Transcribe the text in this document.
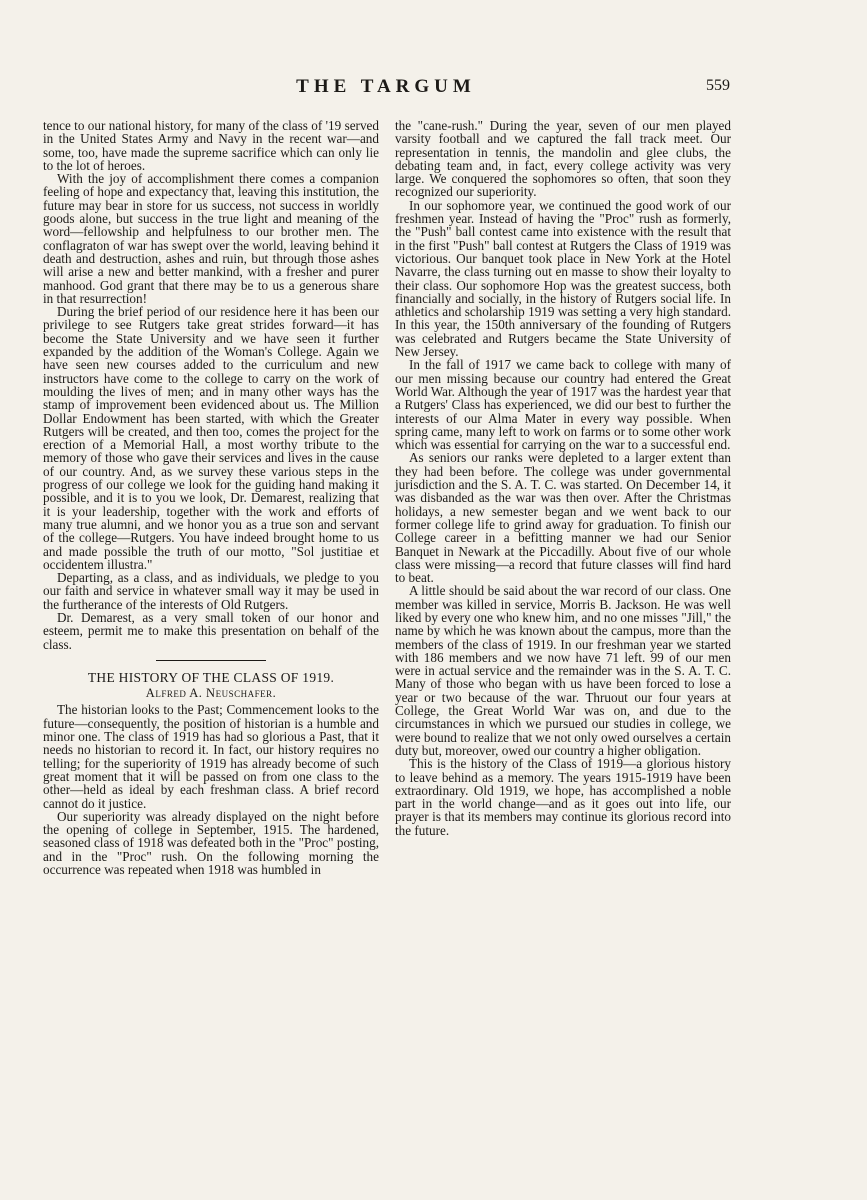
THE TARGUM	559

tence to our national history, for many of the class of '19 served in the United States Army and Navy in the recent war—and some, too, have made the supreme sacrifice which can only lie to the lot of heroes.

With the joy of accomplishment there comes a companion feeling of hope and expectancy that, leaving this institution, the future may bear in store for us success, not success in worldly goods alone, but success in the true light and meaning of the word—fellowship and helpfulness to our brother men. The conflagraton of war has swept over the world, leaving behind it death and destruction, ashes and ruin, but through those ashes will arise a new and better mankind, with a fresher and purer manhood. God grant that there may be to us a generous share in that resurrection!

During the brief period of our residence here it has been our privilege to see Rutgers take great strides forward—it has become the State University and we have seen it further expanded by the addition of the Woman's College. Again we have seen new courses added to the curriculum and new instructors have come to the college to carry on the work of moulding the lives of men; and in many other ways has the stamp of improvement been evidenced about us. The Million Dollar Endowment has been started, with which the Greater Rutgers will be created, and then too, comes the project for the erection of a Memorial Hall, a most worthy tribute to the memory of those who gave their services and lives in the cause of our country. And, as we survey these various steps in the progress of our college we look for the guiding hand making it possible, and it is to you we look, Dr. Demarest, realizing that it is your leadership, together with the work and efforts of many true alumni, and we honor you as a true son and servant of the college—Rutgers. You have indeed brought home to us and made possible the truth of our motto, "Sol justitiae et occidentem illustra."

Departing, as a class, and as individuals, we pledge to you our faith and service in whatever small way it may be used in the furtherance of the interests of Old Rutgers.

Dr. Demarest, as a very small token of our honor and esteem, permit me to make this presentation on behalf of the class.

THE HISTORY OF THE CLASS OF 1919.
Alfred A. Neuschafer.

The historian looks to the Past; Commencement looks to the future—consequently, the position of historian is a humble and minor one. The class of 1919 has had so glorious a Past, that it needs no historian to record it. In fact, our history requires no telling; for the superiority of 1919 has already become of such great moment that it will be passed on from one class to the other—held as ideal by each freshman class. A brief record cannot do it justice.

Our superiority was already displayed on the night before the opening of college in September, 1915. The hardened, seasoned class of 1918 was defeated both in the "Proc" posting, and in the "Proc" rush. On the following morning the occurrence was repeated when 1918 was humbled in

the "cane-rush." During the year, seven of our men played varsity football and we captured the fall track meet. Our representation in tennis, the mandolin and glee clubs, the debating team and, in fact, every college activity was very large. We conquered the sophomores so often, that soon they recognized our superiority.

In our sophomore year, we continued the good work of our freshmen year. Instead of having the "Proc" rush as formerly, the "Push" ball contest came into existence with the result that in the first "Push" ball contest at Rutgers the Class of 1919 was victorious. Our banquet took place in New York at the Hotel Navarre, the class turning out en masse to show their loyalty to their class. Our sophomore Hop was the greatest success, both financially and socially, in the history of Rutgers social life. In athletics and scholarship 1919 was setting a very high standard. In this year, the 150th anniversary of the founding of Rutgers was celebrated and Rutgers became the State University of New Jersey.

In the fall of 1917 we came back to college with many of our men missing because our country had entered the Great World War. Although the year of 1917 was the hardest year that a Rutgers' Class has experienced, we did our best to further the interests of our Alma Mater in every way possible. When spring came, many left to work on farms or to some other work which was essential for carrying on the war to a successful end.

As seniors our ranks were depleted to a larger extent than they had been before. The college was under governmental jurisdiction and the S. A. T. C. was started. On December 14, it was disbanded as the war was then over. After the Christmas holidays, a new semester began and we went back to our former college life to grind away for graduation. To finish our College career in a befitting manner we had our Senior Banquet in Newark at the Piccadilly. About five of our whole class were missing—a record that future classes will find hard to beat.

A little should be said about the war record of our class. One member was killed in service, Morris B. Jackson. He was well liked by every one who knew him, and no one misses "Jill," the name by which he was known about the campus, more than the members of the class of 1919. In our freshman year we started with 186 members and we now have 71 left. 99 of our men were in actual service and the remainder was in the S. A. T. C. Many of those who began with us have been forced to lose a year or two because of the war. Thruout our four years at College, the Great World War was on, and due to the circumstances in which we pursued our studies in college, we were bound to realize that we not only owed ourselves a certain duty but, moreover, owed our country a higher obligation.

This is the history of the Class of 1919—a glorious history to leave behind as a memory. The years 1915-1919 have been extraordinary. Old 1919, we hope, has accomplished a noble part in the world change—and as it goes out into life, our prayer is that its members may continue its glorious record into the future.
